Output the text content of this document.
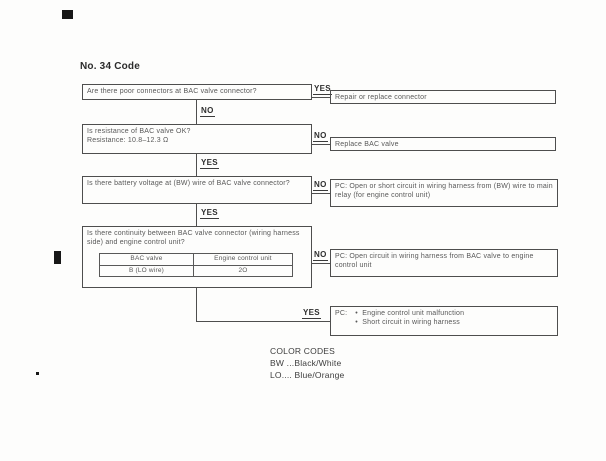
No. 34 Code
Are there poor connectors at BAC valve connector?	YES
Repair or replace connector
NO
Is resistance of BAC valve OK?
Resistance: 10.8–12.3 Ω
NO
Replace BAC valve
YES
Is there battery voltage at (BW) wire of BAC valve connector?	NO	PC: Open or short circuit in wiring harness from (BW) wire to main relay (for engine control unit)
YES
Is there continuity between BAC valve connector (wiring harness side) and engine control unit?
BAC valve	Engine control unit
B (LO wire)	2O
NO	PC: Open circuit in wiring harness from BAC valve to engine control unit
YES PC:	• Engine control unit malfunction
• Short circuit in wiring harness
COLOR CODES
BW ...Black/White
LO.... Blue/Orange
